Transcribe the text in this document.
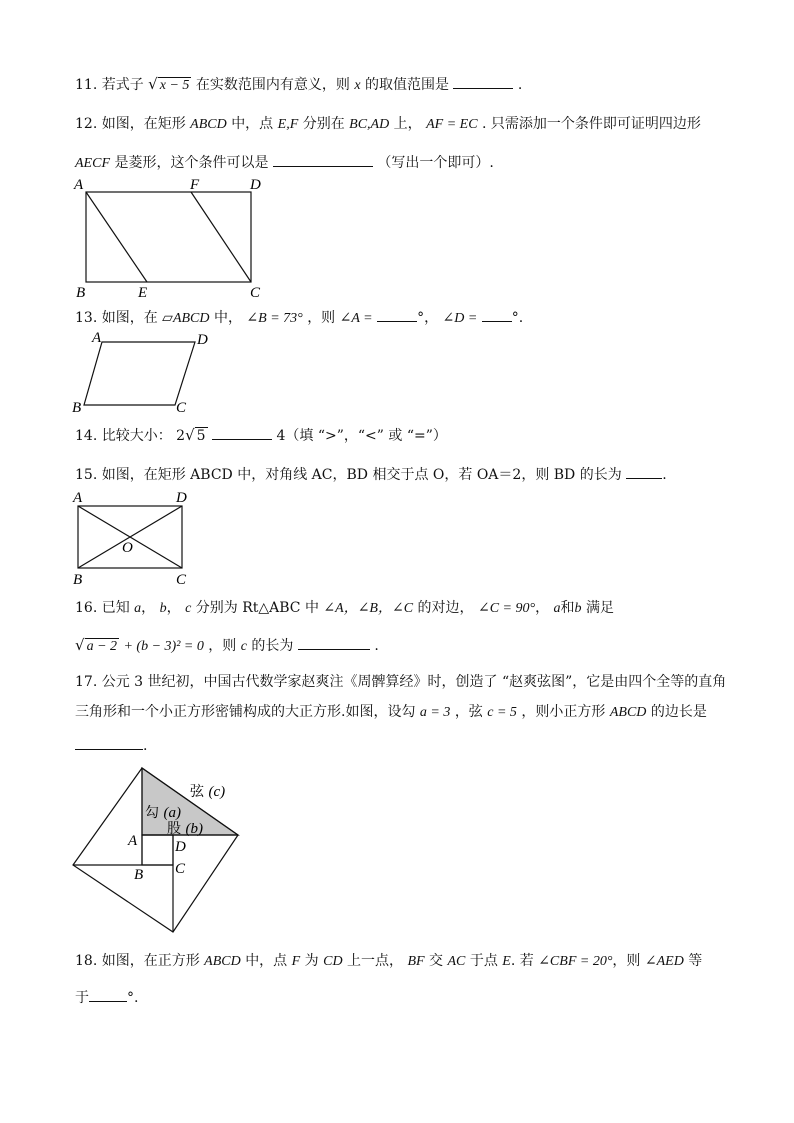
11. 若式子 √ x − 5 在实数范围内有意义，则 x 的取值范围是	.
12. 如图，在矩形 ABCD 中，点 E,F 分别在 BC,AD 上， AF = EC . 只需添加一个条件即可证明四边形
AECF 是菱形，这个条件可以是	（写出一个即可）.
A	F	D
B	E	C
13. 如图，在 ▱ABCD 中， ∠B = 73° ，则 ∠A =	°， ∠D = °.
A	D
B	C
14. 比较大小： 2√ 5	4（填 “>”，“<” 或 “=”）
15. 如图，在矩形 ABCD 中，对角线 AC，BD 相交于点 O，若 OA＝2，则 BD 的长为	.
A	D
O
B	C
16. 已知 a， b， c 分别为 Rt△ABC 中 ∠A，∠B，∠C 的对边， ∠C = 90°， a和b 满足
√ a − 2 + (b − 3)² = 0 ，则 c 的长为	.
17. 公元 3 世纪初，中国古代数学家赵爽注《周髀算经》时，创造了 “赵爽弦图”，它是由四个全等的直角
三角形和一个小正方形密铺构成的大正方形.如图，设勾 a = 3 ，弦 c = 5 ，则小正方形 ABCD 的边长是
.
弦 (c)
勾 (a)
股 (b)
A	D
B C
18. 如图，在正方形 ABCD 中，点 F 为 CD 上一点， BF 交 AC 于点 E. 若 ∠CBF = 20°，则 ∠AED 等
于	°.
